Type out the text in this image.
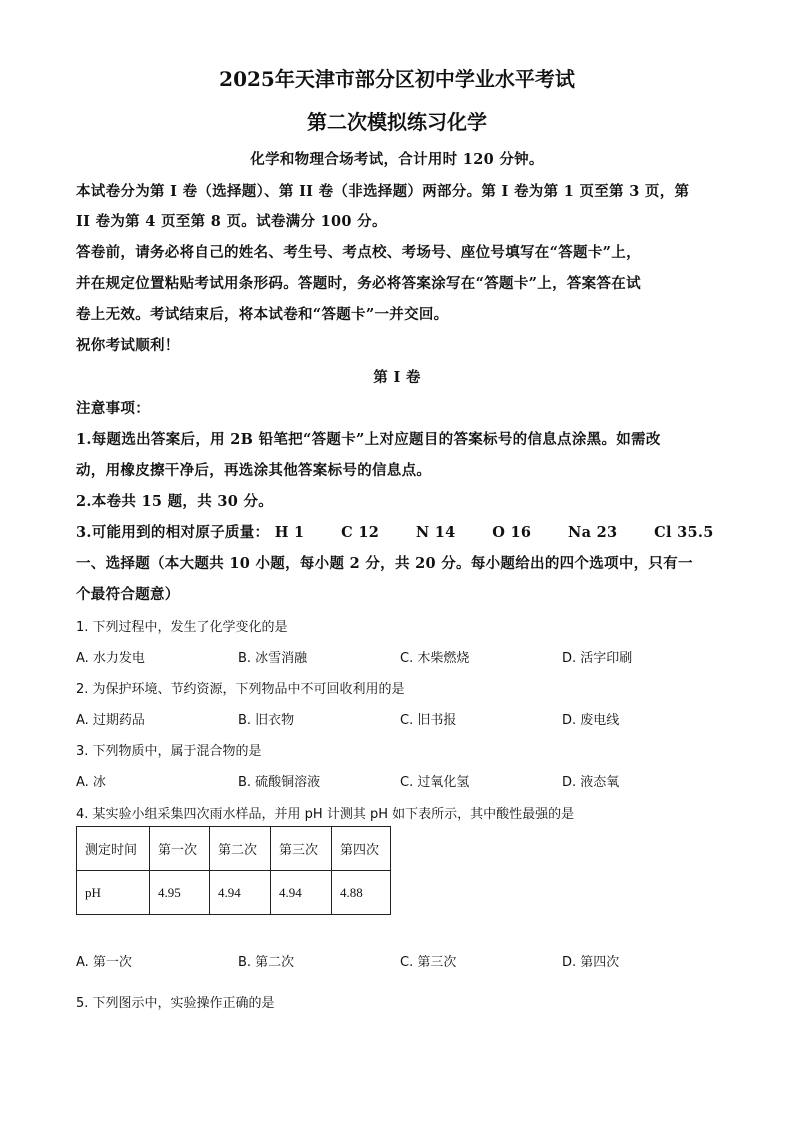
2025年天津市部分区初中学业水平考试
第二次模拟练习化学
化学和物理合场考试，合计用时 120 分钟。
本试卷分为第 I 卷（选择题）、第 II 卷（非选择题）两部分。第 I 卷为第 1 页至第 3 页，第
II 卷为第 4 页至第 8 页。试卷满分 100 分。
答卷前，请务必将自己的姓名、考生号、考点校、考场号、座位号填写在“答题卡”上，
并在规定位置粘贴考试用条形码。答题时，务必将答案涂写在“答题卡”上，答案答在试
卷上无效。考试结束后，将本试卷和“答题卡”一并交回。
祝你考试顺利！
第 I 卷
注意事项：
1.每题选出答案后，用 2B 铅笔把“答题卡”上对应题目的答案标号的信息点涂黑。如需改
动，用橡皮擦干净后，再选涂其他答案标号的信息点。
2.本卷共 15 题，共 30 分。
3.可能用到的相对原子质量： H 1	C 12	N 14	O 16	Na 23	Cl 35.5
一、选择题（本大题共 10 小题，每小题 2 分，共 20 分。每小题给出的四个选项中，只有一
个最符合题意）
1. 下列过程中，发生了化学变化的是
A. 水力发电	B. 冰雪消融	C. 木柴燃烧	D. 活字印刷
2. 为保护环境、节约资源，下列物品中不可回收利用的是
A. 过期药品	B. 旧衣物	C. 旧书报	D. 废电线
3. 下列物质中，属于混合物的是
A. 冰	B. 硫酸铜溶液	C. 过氧化氢	D. 液态氧
4. 某实验小组采集四次雨水样品，并用 pH 计测其 pH 如下表所示，其中酸性最强的是
测定时间	第一次	第二次	第三次	第四次
pH	4.95	4.94	4.94	4.88
A. 第一次	B. 第二次	C. 第三次	D. 第四次
5. 下列图示中，实验操作正确的是
